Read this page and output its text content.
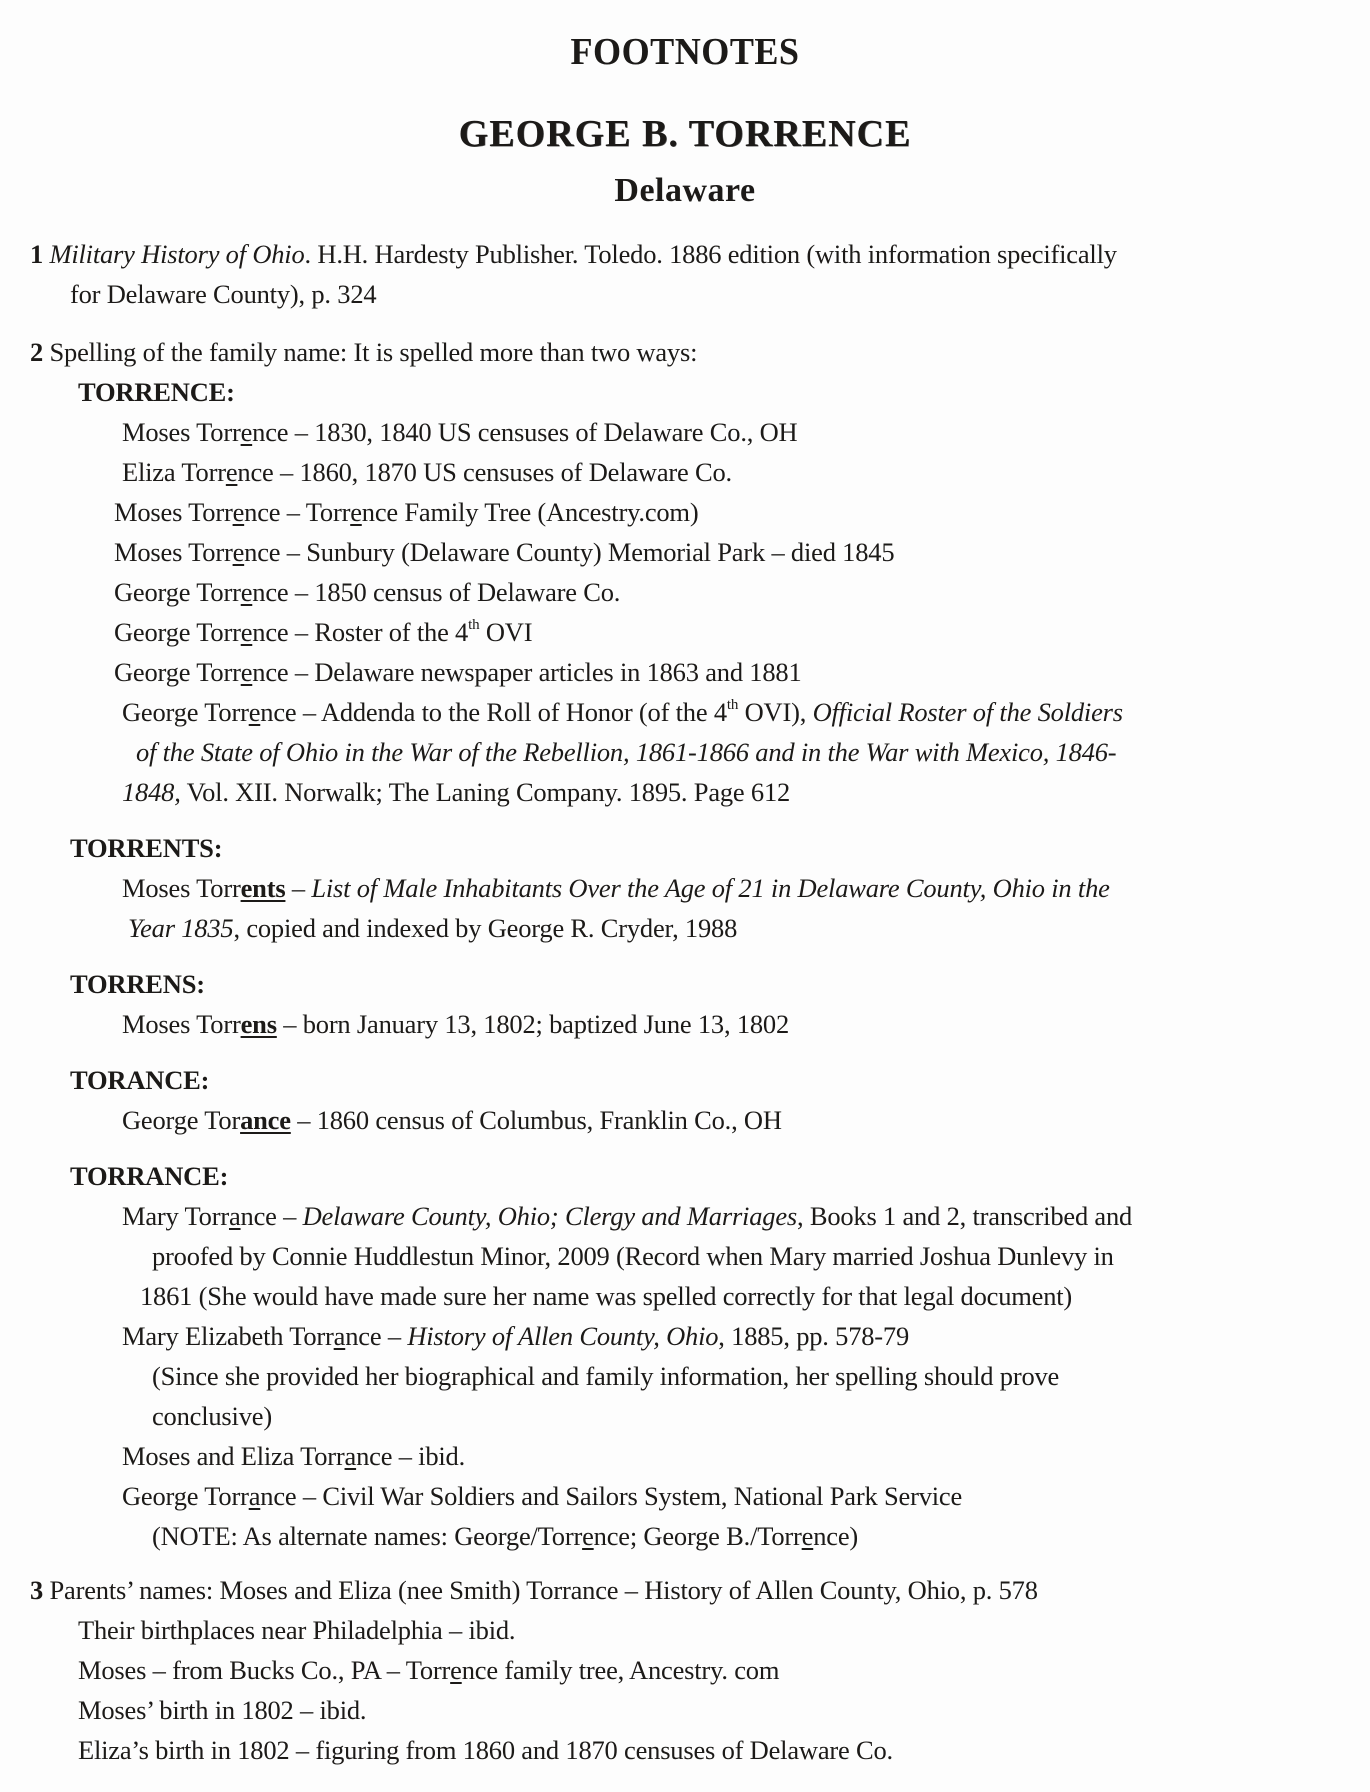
FOOTNOTES
GEORGE B. TORRENCE
Delaware
1 Military History of Ohio. H.H. Hardesty Publisher. Toledo. 1886 edition (with information specifically
for Delaware County), p. 324
2 Spelling of the family name: It is spelled more than two ways:
TORRENCE:
Moses Torrence – 1830, 1840 US censuses of Delaware Co., OH
Eliza Torrence – 1860, 1870 US censuses of Delaware Co.
Moses Torrence – Torrence Family Tree (Ancestry.com)
Moses Torrence – Sunbury (Delaware County) Memorial Park – died 1845
George Torrence – 1850 census of Delaware Co.
George Torrence – Roster of the 4th OVI
George Torrence – Delaware newspaper articles in 1863 and 1881
George Torrence – Addenda to the Roll of Honor (of the 4th OVI), Official Roster of the Soldiers
of the State of Ohio in the War of the Rebellion, 1861-1866 and in the War with Mexico, 1846-
1848, Vol. XII. Norwalk; The Laning Company. 1895. Page 612
TORRENTS:
Moses Torrents – List of Male Inhabitants Over the Age of 21 in Delaware County, Ohio in the
Year 1835, copied and indexed by George R. Cryder, 1988
TORRENS:
Moses Torrens – born January 13, 1802; baptized June 13, 1802
TORANCE:
George Torance – 1860 census of Columbus, Franklin Co., OH
TORRANCE:
Mary Torrance – Delaware County, Ohio; Clergy and Marriages, Books 1 and 2, transcribed and
proofed by Connie Huddlestun Minor, 2009 (Record when Mary married Joshua Dunlevy in
1861 (She would have made sure her name was spelled correctly for that legal document)
Mary Elizabeth Torrance – History of Allen County, Ohio, 1885, pp. 578-79
(Since she provided her biographical and family information, her spelling should prove
conclusive)
Moses and Eliza Torrance – ibid.
George Torrance – Civil War Soldiers and Sailors System, National Park Service
(NOTE: As alternate names: George/Torrence; George B./Torrence)
3 Parents’ names: Moses and Eliza (nee Smith) Torrance – History of Allen County, Ohio, p. 578
Their birthplaces near Philadelphia – ibid.
Moses – from Bucks Co., PA – Torrence family tree, Ancestry. com
Moses’ birth in 1802 – ibid.
Eliza’s birth in 1802 – figuring from 1860 and 1870 censuses of Delaware Co.
